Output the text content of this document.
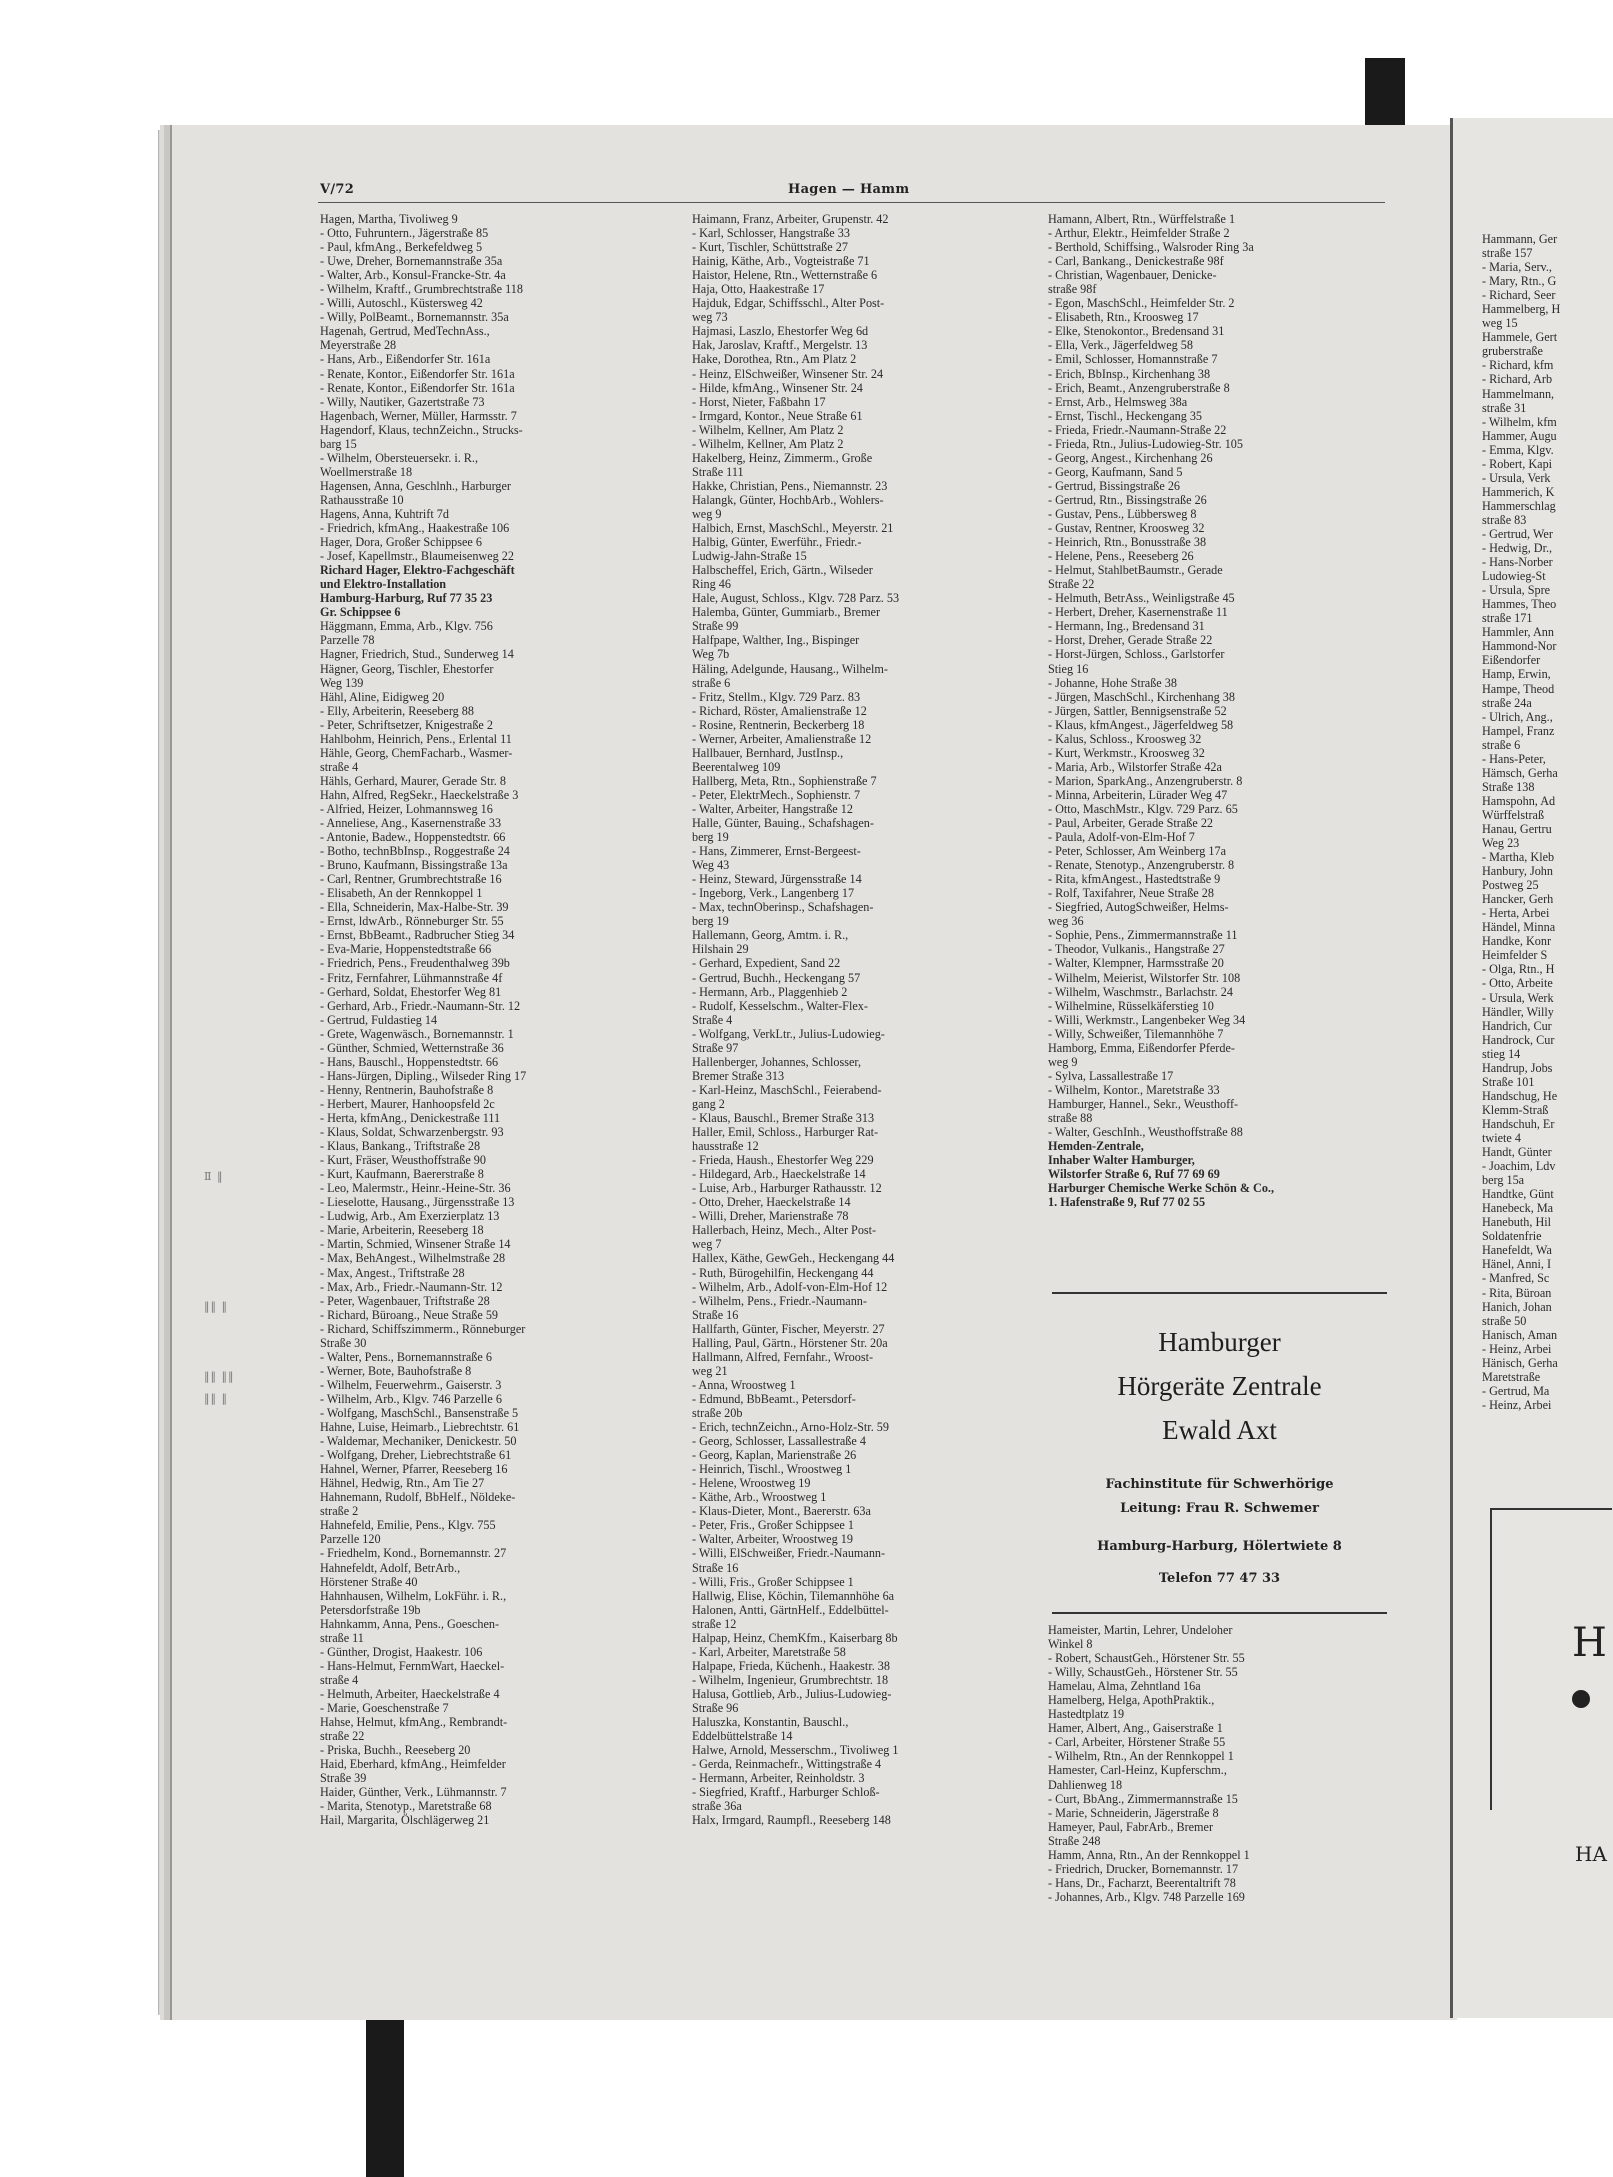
Ⅱ ‖
‖‖ ‖
‖‖ ‖‖
‖‖ ‖
V/72	Hagen — Hamm
Hagen, Martha, Tivoliweg 9
- Otto, Fuhruntern., Jägerstraße 85
- Paul, kfmAng., Berkefeldweg 5
- Uwe, Dreher, Bornemannstraße 35a
- Walter, Arb., Konsul-Francke-Str. 4a
- Wilhelm, Kraftf., Grumbrechtstraße 118
- Willi, Autoschl., Küstersweg 42
- Willy, PolBeamt., Bornemannstr. 35a
Hagenah, Gertrud, MedTechnAss.,
Meyerstraße 28
- Hans, Arb., Eißendorfer Str. 161a
- Renate, Kontor., Eißendorfer Str. 161a
- Renate, Kontor., Eißendorfer Str. 161a
- Willy, Nautiker, Gazertstraße 73
Hagenbach, Werner, Müller, Harmsstr. 7
Hagendorf, Klaus, technZeichn., Strucks-
barg 15
- Wilhelm, Obersteuersekr. i. R.,
Woellmerstraße 18
Hagensen, Anna, Geschlnh., Harburger
Rathausstraße 10
Hagens, Anna, Kuhtrift 7d
- Friedrich, kfmAng., Haakestraße 106
Hager, Dora, Großer Schippsee 6
- Josef, Kapellmstr., Blaumeisenweg 22
Richard Hager, Elektro-Fachgeschäft
und Elektro-Installation
Hamburg-Harburg, Ruf 77 35 23
Gr. Schippsee 6
Häggmann, Emma, Arb., Klgv. 756
Parzelle 78
Hagner, Friedrich, Stud., Sunderweg 14
Hägner, Georg, Tischler, Ehestorfer
Weg 139
Hähl, Aline, Eidigweg 20
- Elly, Arbeiterin, Reeseberg 88
- Peter, Schriftsetzer, Knigestraße 2
Hahlbohm, Heinrich, Pens., Erlental 11
Hähle, Georg, ChemFacharb., Wasmer-
straße 4
Hähls, Gerhard, Maurer, Gerade Str. 8
Hahn, Alfred, RegSekr., Haeckelstraße 3
- Alfried, Heizer, Lohmannsweg 16
- Anneliese, Ang., Kasernenstraße 33
- Antonie, Badew., Hoppenstedtstr. 66
- Botho, technBbInsp., Roggestraße 24
- Bruno, Kaufmann, Bissingstraße 13a
- Carl, Rentner, Grumbrechtstraße 16
- Elisabeth, An der Rennkoppel 1
- Ella, Schneiderin, Max-Halbe-Str. 39
- Ernst, ldwArb., Rönneburger Str. 55
- Ernst, BbBeamt., Radbrucher Stieg 34
- Eva-Marie, Hoppenstedtstraße 66
- Friedrich, Pens., Freudenthalweg 39b
- Fritz, Fernfahrer, Lühmannstraße 4f
- Gerhard, Soldat, Ehestorfer Weg 81
- Gerhard, Arb., Friedr.-Naumann-Str. 12
- Gertrud, Fuldastieg 14
- Grete, Wagenwäsch., Bornemannstr. 1
- Günther, Schmied, Wetternstraße 36
- Hans, Bauschl., Hoppenstedtstr. 66
- Hans-Jürgen, Dipling., Wilseder Ring 17
- Henny, Rentnerin, Bauhofstraße 8
- Herbert, Maurer, Hanhoopsfeld 2c
- Herta, kfmAng., Denickestraße 111
- Klaus, Soldat, Schwarzenbergstr. 93
- Klaus, Bankang., Triftstraße 28
- Kurt, Fräser, Weusthoffstraße 90
- Kurt, Kaufmann, Baererstraße 8
- Leo, Malermstr., Heinr.-Heine-Str. 36
- Lieselotte, Hausang., Jürgensstraße 13
- Ludwig, Arb., Am Exerzierplatz 13
- Marie, Arbeiterin, Reeseberg 18
- Martin, Schmied, Winsener Straße 14
- Max, BehAngest., Wilhelmstraße 28
- Max, Angest., Triftstraße 28
- Max, Arb., Friedr.-Naumann-Str. 12
- Peter, Wagenbauer, Triftstraße 28
- Richard, Büroang., Neue Straße 59
- Richard, Schiffszimmerm., Rönneburger
Straße 30
- Walter, Pens., Bornemannstraße 6
- Werner, Bote, Bauhofstraße 8
- Wilhelm, Feuerwehrm., Gaiserstr. 3
- Wilhelm, Arb., Klgv. 746 Parzelle 6
- Wolfgang, MaschSchl., Bansenstraße 5
Hahne, Luise, Heimarb., Liebrechtstr. 61
- Waldemar, Mechaniker, Denickestr. 50
- Wolfgang, Dreher, Liebrechtstraße 61
Hahnel, Werner, Pfarrer, Reeseberg 16
Hähnel, Hedwig, Rtn., Am Tie 27
Hahnemann, Rudolf, BbHelf., Nöldeke-
straße 2
Hahnefeld, Emilie, Pens., Klgv. 755
Parzelle 120
- Friedhelm, Kond., Bornemannstr. 27
Hahnefeldt, Adolf, BetrArb.,
Hörstener Straße 40
Hahnhausen, Wilhelm, LokFühr. i. R.,
Petersdorfstraße 19b
Hahnkamm, Anna, Pens., Goeschen-
straße 11
- Günther, Drogist, Haakestr. 106
- Hans-Helmut, FernmWart, Haeckel-
straße 4
- Helmuth, Arbeiter, Haeckelstraße 4
- Marie, Goeschenstraße 7
Hahse, Helmut, kfmAng., Rembrandt-
straße 22
- Priska, Buchh., Reeseberg 20
Haid, Eberhard, kfmAng., Heimfelder
Straße 39
Haider, Günther, Verk., Lühmannstr. 7
- Marita, Stenotyp., Maretstraße 68
Hail, Margarita, Ölschlägerweg 21
Haimann, Franz, Arbeiter, Grupenstr. 42
- Karl, Schlosser, Hangstraße 33
- Kurt, Tischler, Schüttstraße 27
Hainig, Käthe, Arb., Vogteistraße 71
Haistor, Helene, Rtn., Wetternstraße 6
Haja, Otto, Haakestraße 17
Hajduk, Edgar, Schiffsschl., Alter Post-
weg 73
Hajmasi, Laszlo, Ehestorfer Weg 6d
Hak, Jaroslav, Kraftf., Mergelstr. 13
Hake, Dorothea, Rtn., Am Platz 2
- Heinz, ElSchweißer, Winsener Str. 24
- Hilde, kfmAng., Winsener Str. 24
- Horst, Nieter, Faßbahn 17
- Irmgard, Kontor., Neue Straße 61
- Wilhelm, Kellner, Am Platz 2
- Wilhelm, Kellner, Am Platz 2
Hakelberg, Heinz, Zimmerm., Große
Straße 111
Hakke, Christian, Pens., Niemannstr. 23
Halangk, Günter, HochbArb., Wohlers-
weg 9
Halbich, Ernst, MaschSchl., Meyerstr. 21
Halbig, Günter, Ewerführ., Friedr.-
Ludwig-Jahn-Straße 15
Halbscheffel, Erich, Gärtn., Wilseder
Ring 46
Hale, August, Schloss., Klgv. 728 Parz. 53
Halemba, Günter, Gummiarb., Bremer
Straße 99
Halfpape, Walther, Ing., Bispinger
Weg 7b
Häling, Adelgunde, Hausang., Wilhelm-
straße 6
- Fritz, Stellm., Klgv. 729 Parz. 83
- Richard, Röster, Amalienstraße 12
- Rosine, Rentnerin, Beckerberg 18
- Werner, Arbeiter, Amalienstraße 12
Hallbauer, Bernhard, JustInsp.,
Beerentalweg 109
Hallberg, Meta, Rtn., Sophienstraße 7
- Peter, ElektrMech., Sophienstr. 7
- Walter, Arbeiter, Hangstraße 12
Halle, Günter, Bauing., Schafshagen-
berg 19
- Hans, Zimmerer, Ernst-Bergeest-
Weg 43
- Heinz, Steward, Jürgensstraße 14
- Ingeborg, Verk., Langenberg 17
- Max, technOberinsp., Schafshagen-
berg 19
Hallemann, Georg, Amtm. i. R.,
Hilshain 29
- Gerhard, Expedient, Sand 22
- Gertrud, Buchh., Heckengang 57
- Hermann, Arb., Plaggenhieb 2
- Rudolf, Kesselschm., Walter-Flex-
Straße 4
- Wolfgang, VerkLtr., Julius-Ludowieg-
Straße 97
Hallenberger, Johannes, Schlosser,
Bremer Straße 313
- Karl-Heinz, MaschSchl., Feierabend-
gang 2
- Klaus, Bauschl., Bremer Straße 313
Haller, Emil, Schloss., Harburger Rat-
hausstraße 12
- Frieda, Haush., Ehestorfer Weg 229
- Hildegard, Arb., Haeckelstraße 14
- Luise, Arb., Harburger Rathausstr. 12
- Otto, Dreher, Haeckelstraße 14
- Willi, Dreher, Marienstraße 78
Hallerbach, Heinz, Mech., Alter Post-
weg 7
Hallex, Käthe, GewGeh., Heckengang 44
- Ruth, Bürogehilfin, Heckengang 44
- Wilhelm, Arb., Adolf-von-Elm-Hof 12
- Wilhelm, Pens., Friedr.-Naumann-
Straße 16
Hallfarth, Günter, Fischer, Meyerstr. 27
Halling, Paul, Gärtn., Hörstener Str. 20a
Hallmann, Alfred, Fernfahr., Wroost-
weg 21
- Anna, Wroostweg 1
- Edmund, BbBeamt., Petersdorf-
straße 20b
- Erich, technZeichn., Arno-Holz-Str. 59
- Georg, Schlosser, Lassallestraße 4
- Georg, Kaplan, Marienstraße 26
- Heinrich, Tischl., Wroostweg 1
- Helene, Wroostweg 19
- Käthe, Arb., Wroostweg 1
- Klaus-Dieter, Mont., Baererstr. 63a
- Peter, Fris., Großer Schippsee 1
- Walter, Arbeiter, Wroostweg 19
- Willi, ElSchweißer, Friedr.-Naumann-
Straße 16
- Willi, Fris., Großer Schippsee 1
Hallwig, Elise, Köchin, Tilemannhöhe 6a
Halonen, Antti, GärtnHelf., Eddelbüttel-
straße 12
Halpap, Heinz, ChemKfm., Kaiserbarg 8b
- Karl, Arbeiter, Maretstraße 58
Halpape, Frieda, Küchenh., Haakestr. 38
- Wilhelm, Ingenieur, Grumbrechtstr. 18
Halusa, Gottlieb, Arb., Julius-Ludowieg-
Straße 96
Haluszka, Konstantin, Bauschl.,
Eddelbüttelstraße 14
Halwe, Arnold, Messerschm., Tivoliweg 1
- Gerda, Reinmachefr., Wittingstraße 4
- Hermann, Arbeiter, Reinholdstr. 3
- Siegfried, Kraftf., Harburger Schloß-
straße 36a
Halx, Irmgard, Raumpfl., Reeseberg 148
Hamann, Albert, Rtn., Würffelstraße 1
- Arthur, Elektr., Heimfelder Straße 2
- Berthold, Schiffsing., Walsroder Ring 3a
- Carl, Bankang., Denickestraße 98f
- Christian, Wagenbauer, Denicke-
straße 98f
- Egon, MaschSchl., Heimfelder Str. 2
- Elisabeth, Rtn., Kroosweg 17
- Elke, Stenokontor., Bredensand 31
- Ella, Verk., Jägerfeldweg 58
- Emil, Schlosser, Homannstraße 7
- Erich, BbInsp., Kirchenhang 38
- Erich, Beamt., Anzengruberstraße 8
- Ernst, Arb., Helmsweg 38a
- Ernst, Tischl., Heckengang 35
- Frieda, Friedr.-Naumann-Straße 22
- Frieda, Rtn., Julius-Ludowieg-Str. 105
- Georg, Angest., Kirchenhang 26
- Georg, Kaufmann, Sand 5
- Gertrud, Bissingstraße 26
- Gertrud, Rtn., Bissingstraße 26
- Gustav, Pens., Lübbersweg 8
- Gustav, Rentner, Kroosweg 32
- Heinrich, Rtn., Bonusstraße 38
- Helene, Pens., Reeseberg 26
- Helmut, StahlbetBaumstr., Gerade
Straße 22
- Helmuth, BetrAss., Weinligstraße 45
- Herbert, Dreher, Kasernenstraße 11
- Hermann, Ing., Bredensand 31
- Horst, Dreher, Gerade Straße 22
- Horst-Jürgen, Schloss., Garlstorfer
Stieg 16
- Johanne, Hohe Straße 38
- Jürgen, MaschSchl., Kirchenhang 38
- Jürgen, Sattler, Bennigsenstraße 52
- Klaus, kfmAngest., Jägerfeldweg 58
- Kalus, Schloss., Kroosweg 32
- Kurt, Werkmstr., Kroosweg 32
- Maria, Arb., Wilstorfer Straße 42a
- Marion, SparkAng., Anzengruberstr. 8
- Minna, Arbeiterin, Lürader Weg 47
- Otto, MaschMstr., Klgv. 729 Parz. 65
- Paul, Arbeiter, Gerade Straße 22
- Paula, Adolf-von-Elm-Hof 7
- Peter, Schlosser, Am Weinberg 17a
- Renate, Stenotyp., Anzengruberstr. 8
- Rita, kfmAngest., Hastedtstraße 9
- Rolf, Taxifahrer, Neue Straße 28
- Siegfried, AutogSchweißer, Helms-
weg 36
- Sophie, Pens., Zimmermannstraße 11
- Theodor, Vulkanis., Hangstraße 27
- Walter, Klempner, Harmsstraße 20
- Wilhelm, Meierist, Wilstorfer Str. 108
- Wilhelm, Waschmstr., Barlachstr. 24
- Wilhelmine, Rüsselkäferstieg 10
- Willi, Werkmstr., Langenbeker Weg 34
- Willy, Schweißer, Tilemannhöhe 7
Hamborg, Emma, Eißendorfer Pferde-
weg 9
- Sylva, Lassallestraße 17
- Wilhelm, Kontor., Maretstraße 33
Hamburger, Hannel., Sekr., Weusthoff-
straße 88
- Walter, GeschInh., Weusthoffstraße 88
Hemden-Zentrale,
Inhaber Walter Hamburger,
Wilstorfer Straße 6, Ruf 77 69 69
Harburger Chemische Werke Schön & Co.,
1. Hafenstraße 9, Ruf 77 02 55
Hamburger
Hörgeräte Zentrale
Ewald Axt
Fachinstitute für Schwerhörige
Leitung: Frau R. Schwemer
Hamburg-Harburg, Hölertwiete 8
Telefon 77 47 33
Hameister, Martin, Lehrer, Undeloher
Winkel 8
- Robert, SchaustGeh., Hörstener Str. 55
- Willy, SchaustGeh., Hörstener Str. 55
Hamelau, Alma, Zehntland 16a
Hamelberg, Helga, ApothPraktik.,
Hastedtplatz 19
Hamer, Albert, Ang., Gaiserstraße 1
- Carl, Arbeiter, Hörstener Straße 55
- Wilhelm, Rtn., An der Rennkoppel 1
Hamester, Carl-Heinz, Kupferschm.,
Dahlienweg 18
- Curt, BbAng., Zimmermannstraße 15
- Marie, Schneiderin, Jägerstraße 8
Hameyer, Paul, FabrArb., Bremer
Straße 248
Hamm, Anna, Rtn., An der Rennkoppel 1
- Friedrich, Drucker, Bornemannstr. 17
- Hans, Dr., Facharzt, Beerentaltrift 78
- Johannes, Arb., Klgv. 748 Parzelle 169
Hammann, Ger
straße 157
- Maria, Serv.,
- Mary, Rtn., G
- Richard, Seer
Hammelberg, H
weg 15
Hammele, Gert
gruberstraße
- Richard, kfm
- Richard, Arb
Hammelmann,
straße 31
- Wilhelm, kfm
Hammer, Augu
- Emma, Klgv.
- Robert, Kapi
- Ursula, Verk
Hammerich, K
Hammerschlag
straße 83
- Gertrud, Wer
- Hedwig, Dr.,
- Hans-Norber
Ludowieg-St
- Ursula, Spre
Hammes, Theo
straße 171
Hammler, Ann
Hammond-Nor
Eißendorfer
Hamp, Erwin,
Hampe, Theod
straße 24a
- Ulrich, Ang.,
Hampel, Franz
straße 6
- Hans-Peter,
Hämsch, Gerha
Straße 138
Hamspohn, Ad
Würffelstraß
Hanau, Gertru
Weg 23
- Martha, Kleb
Hanbury, John
Postweg 25
Hancker, Gerh
- Herta, Arbei
Händel, Minna
Handke, Konr
Heimfelder S
- Olga, Rtn., H
- Otto, Arbeite
- Ursula, Werk
Händler, Willy
Handrich, Cur
Handrock, Cur
stieg 14
Handrup, Jobs
Straße 101
Handschug, He
Klemm-Straß
Handschuh, Er
twiete 4
Handt, Günter
- Joachim, Ldv
berg 15a
Handtke, Günt
Hanebeck, Ma
Hanebuth, Hil
Soldatenfrie
Hanefeldt, Wa
Hänel, Anni, I
- Manfred, Sc
- Rita, Büroan
Hanich, Johan
straße 50
Hanisch, Aman
- Heinz, Arbei
Hänisch, Gerha
Maretstraße
- Gertrud, Ma
- Heinz, Arbei
H
HA
